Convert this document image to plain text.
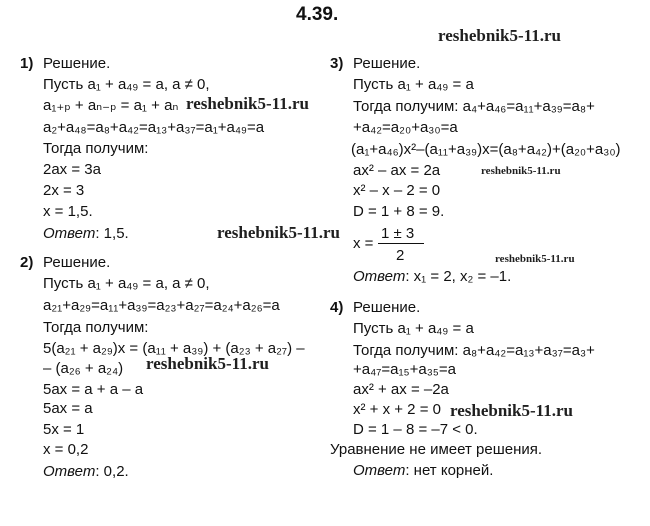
4.39.
reshebnik5-11.ru
reshebnik5-11.ru
reshebnik5-11.ru
reshebnik5-11.ru
reshebnik5-11.ru
reshebnik5-11.ru
reshebnik5-11.ru
1) Решение.
Пусть a₁ + a₄₉ = a, a ≠ 0,
a₁₊ₚ + aₙ₋ₚ = a₁ + aₙ
a₂+a₄₈=a₈+a₄₂=a₁₃+a₃₇=a₁+a₄₉=a
Тогда получим:
2ax = 3a
2x = 3
x = 1,5.
Ответ: 1,5.
2) Решение.
Пусть a₁ + a₄₉ = a, a ≠ 0,
a₂₁+a₂₉=a₁₁+a₃₉=a₂₃+a₂₇=a₂₄+a₂₆=a
Тогда получим:
5(a₂₁ + a₂₉)x = (a₁₁ + a₃₉) + (a₂₃ + a₂₇) –
– (a₂₆ + a₂₄)
5ax = a + a – a
5ax = a
5x = 1
x = 0,2
Ответ: 0,2.
3) Решение.
Пусть a₁ + a₄₉ = a
Тогда получим: a₄+a₄₆=a₁₁+a₃₉=a₈+
+a₄₂=a₂₀+a₃₀=a
(a₁+a₄₆)x²–(a₁₁+a₃₉)x=(a₈+a₄₂)+(a₂₀+a₃₀)
ax² – ax = 2a
x² – x – 2 = 0
D = 1 + 8 = 9.
x =
1 ± 3
2
Ответ: x₁ = 2, x₂ = –1.
4) Решение.
Пусть a₁ + a₄₉ = a
Тогда получим: a₈+a₄₂=a₁₃+a₃₇=a₃+
+a₄₇=a₁₅+a₃₅=a
ax² + ax = –2a
x² + x + 2 = 0
D = 1 – 8 = –7 < 0.
Уравнение не имеет решения.
Ответ: нет корней.
